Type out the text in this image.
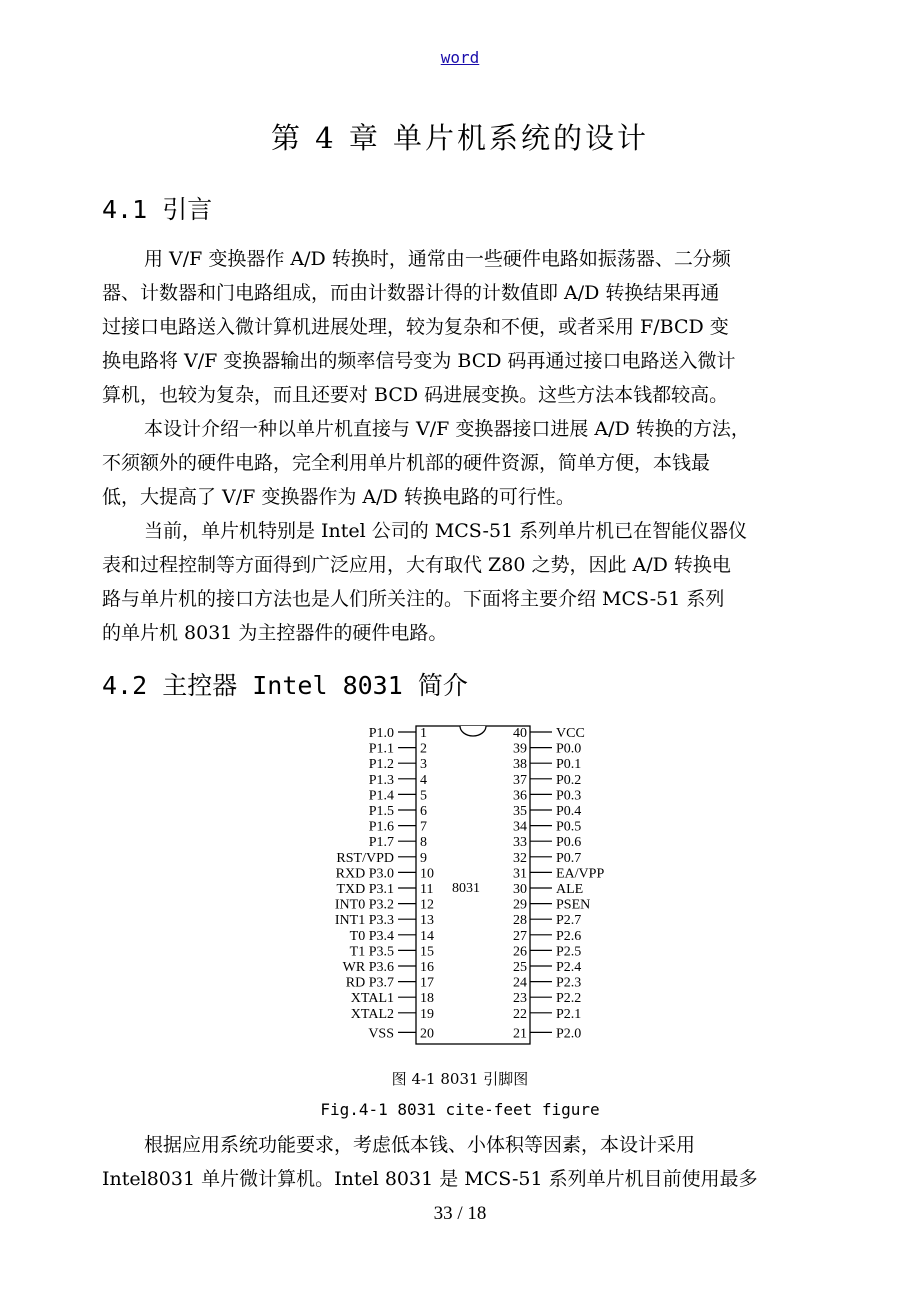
word
第 4 章 单片机系统的设计
4.1 引言

用 V/F 变换器作 A/D 转换时，通常由一些硬件电路如振荡器、二分频
器、计数器和门电路组成，而由计数器计得的计数值即 A/D 转换结果再通
过接口电路送入微计算机进展处理，较为复杂和不便，或者采用 F/BCD 变
换电路将 V/F 变换器输出的频率信号变为 BCD 码再通过接口电路送入微计
算机，也较为复杂，而且还要对 BCD 码进展变换。这些方法本钱都较高。

本设计介绍一种以单片机直接与 V/F 变换器接口进展 A/D 转换的方法，
不须额外的硬件电路，完全利用单片机部的硬件资源，简单方便，本钱最
低，大提高了 V/F 变换器作为 A/D 转换电路的可行性。

当前，单片机特别是 Intel 公司的 MCS-51 系列单片机已在智能仪器仪
表和过程控制等方面得到广泛应用，大有取代 Z80 之势，因此 A/D 转换电
路与单片机的接口方法也是人们所关注的。下面将主要介绍 MCS-51 系列
的单片机 8031 为主控器件的硬件电路。

4.2 主控器 Intel 8031 简介
8031
1
P1.0
2
P1.1
3
P1.2
4
P1.3
5
P1.4
6
P1.5
7
P1.6
8
P1.7
9
RST/VPD
10
RXD P3.0
11
TXD P3.1
12
INT0 P3.2
13
INT1 P3.3
14
T0 P3.4
15
T1 P3.5
16
WR P3.6
17
RD P3.7
18
XTAL1
19
XTAL2
20
VSS
40 VCC
39 P0.0
38 P0.1
37 P0.2
36 P0.3
35 P0.4
34 P0.5
33 P0.6
32 P0.7
31 EA/VPP
30 ALE
29 PSEN
28 P2.7
27 P2.6
26 P2.5
25 P2.4
24 P2.3
23 P2.2
22 P2.1
21 P2.0
图 4-1 8031 引脚图
Fig.4-1 8031 cite-feet figure

根据应用系统功能要求，考虑低本钱、小体积等因素，本设计采用
Intel8031 单片微计算机。Intel 8031 是 MCS-51 系列单片机目前使用最多

33 / 18
